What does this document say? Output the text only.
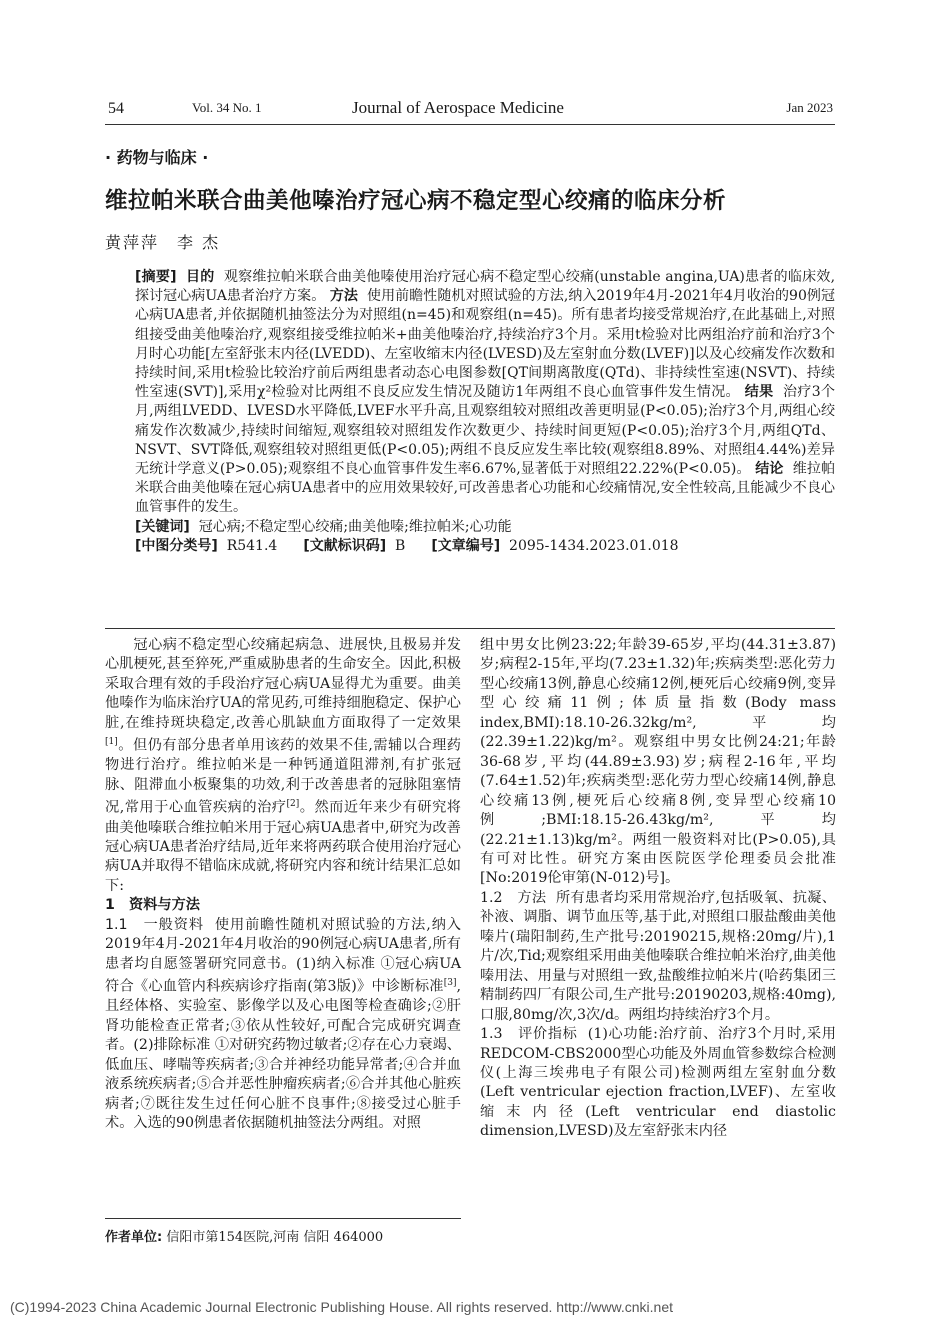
54	Vol. 34 No. 1	Journal of Aerospace Medicine	Jan 2023
· 药物与临床 ·
维拉帕米联合曲美他嗪治疗冠心病不稳定型心绞痛的临床分析
黄萍萍　李 杰

[摘要] 目的 观察维拉帕米联合曲美他嗪使用治疗冠心病不稳定型心绞痛(unstable angina,UA)患者的临床效,探讨冠心病UA患者治疗方案。 方法 使用前瞻性随机对照试验的方法,纳入2019年4月-2021年4月收治的90例冠心病UA患者,并依据随机抽签法分为对照组(n=45)和观察组(n=45)。所有患者均接受常规治疗,在此基础上,对照组接受曲美他嗪治疗,观察组接受维拉帕米+曲美他嗪治疗,持续治疗3个月。采用t检验对比两组治疗前和治疗3个月时心功能[左室舒张末内径(LVEDD)、左室收缩末内径(LVESD)及左室射血分数(LVEF)]以及心绞痛发作次数和持续时间,采用t检验比较治疗前后两组患者动态心电图参数[QT间期离散度(QTd)、非持续性室速(NSVT)、持续性室速(SVT)],采用χ²检验对比两组不良反应发生情况及随访1年两组不良心血管事件发生情况。 结果 治疗3个月,两组LVEDD、LVESD水平降低,LVEF水平升高,且观察组较对照组改善更明显(P<0.05);治疗3个月,两组心绞痛发作次数减少,持续时间缩短,观察组较对照组发作次数更少、持续时间更短(P<0.05);治疗3个月,两组QTd、NSVT、SVT降低,观察组较对照组更低(P<0.05);两组不良反应发生率比较(观察组8.89%、对照组4.44%)差异无统计学意义(P>0.05);观察组不良心血管事件发生率6.67%,显著低于对照组22.22%(P<0.05)。 结论 维拉帕米联合曲美他嗪在冠心病UA患者中的应用效果较好,可改善患者心功能和心绞痛情况,安全性较高,且能减少不良心血管事件的发生。

[关键词] 冠心病;不稳定型心绞痛;曲美他嗪;维拉帕米;心功能

[中图分类号] R541.4 [文献标识码] B [文章编号] 2095-1434.2023.01.018

冠心病不稳定型心绞痛起病急、进展快,且极易并发心肌梗死,甚至猝死,严重威胁患者的生命安全。因此,积极采取合理有效的手段治疗冠心病UA显得尤为重要。曲美他嗪作为临床治疗UA的常见药,可维持细胞稳定、保护心脏,在维持斑块稳定,改善心肌缺血方面取得了一定效果[1]。但仍有部分患者单用该药的效果不佳,需辅以合理药物进行治疗。维拉帕米是一种钙通道阻滞剂,有扩张冠脉、阻滞血小板聚集的功效,利于改善患者的冠脉阻塞情况,常用于心血管疾病的治疗[2]。然而近年来少有研究将曲美他嗪联合维拉帕米用于冠心病UA患者中,研究为改善冠心病UA患者治疗结局,近年来将两药联合使用治疗冠心病UA并取得不错临床成就,将研究内容和统计结果汇总如下:

1　资料与方法

1.1　一般资料 使用前瞻性随机对照试验的方法,纳入2019年4月-2021年4月收治的90例冠心病UA患者,所有患者均自愿签署研究同意书。(1)纳入标准 ①冠心病UA符合《心血管内科疾病诊疗指南(第3版)》中诊断标准[3],且经体格、实验室、影像学以及心电图等检查确诊;②肝肾功能检查正常者;③依从性较好,可配合完成研究调查者。(2)排除标准 ①对研究药物过敏者;②存在心力衰竭、低血压、哮喘等疾病者;③合并神经功能异常者;④合并血液系统疾病者;⑤合并恶性肿瘤疾病者;⑥合并其他心脏疾病者;⑦既往发生过任何心脏不良事件;⑧接受过心脏手术。入选的90例患者依据随机抽签法分两组。对照

组中男女比例23:22;年龄39-65岁,平均(44.31±3.87)岁;病程2-15年,平均(7.23±1.32)年;疾病类型:恶化劳力型心绞痛13例,静息心绞痛12例,梗死后心绞痛9例,变异型心绞痛11例;体质量指数(Body mass index,BMI):18.10-26.32kg/m²,平均(22.39±1.22)kg/m²。观察组中男女比例24:21;年龄36-68岁,平均(44.89±3.93)岁;病程2-16年,平均(7.64±1.52)年;疾病类型:恶化劳力型心绞痛14例,静息心绞痛13例,梗死后心绞痛8例,变异型心绞痛10例;BMI:18.15-26.43kg/m²,平均(22.21±1.13)kg/m²。两组一般资料对比(P>0.05),具有可对比性。研究方案由医院医学伦理委员会批准[No:2019伦审第(N-012)号]。

1.2　方法 所有患者均采用常规治疗,包括吸氧、抗凝、补液、调脂、调节血压等,基于此,对照组口服盐酸曲美他嗪片(瑞阳制药,生产批号:20190215,规格:20mg/片),1片/次,Tid;观察组采用曲美他嗪联合维拉帕米治疗,曲美他嗪用法、用量与对照组一致,盐酸维拉帕米片(哈药集团三精制药四厂有限公司,生产批号:20190203,规格:40mg),口服,80mg/次,3次/d。两组均持续治疗3个月。

1.3　评价指标 (1)心功能:治疗前、治疗3个月时,采用REDCOM-CBS2000型心功能及外周血管参数综合检测仪(上海三埃弗电子有限公司)检测两组左室射血分数(Left ventricular ejection fraction,LVEF)、左室收缩末内径(Left ventricular end diastolic dimension,LVESD)及左室舒张末内径

作者单位: 信阳市第154医院,河南 信阳 464000
(C)1994-2023 China Academic Journal Electronic Publishing House. All rights reserved. http://www.cnki.net
